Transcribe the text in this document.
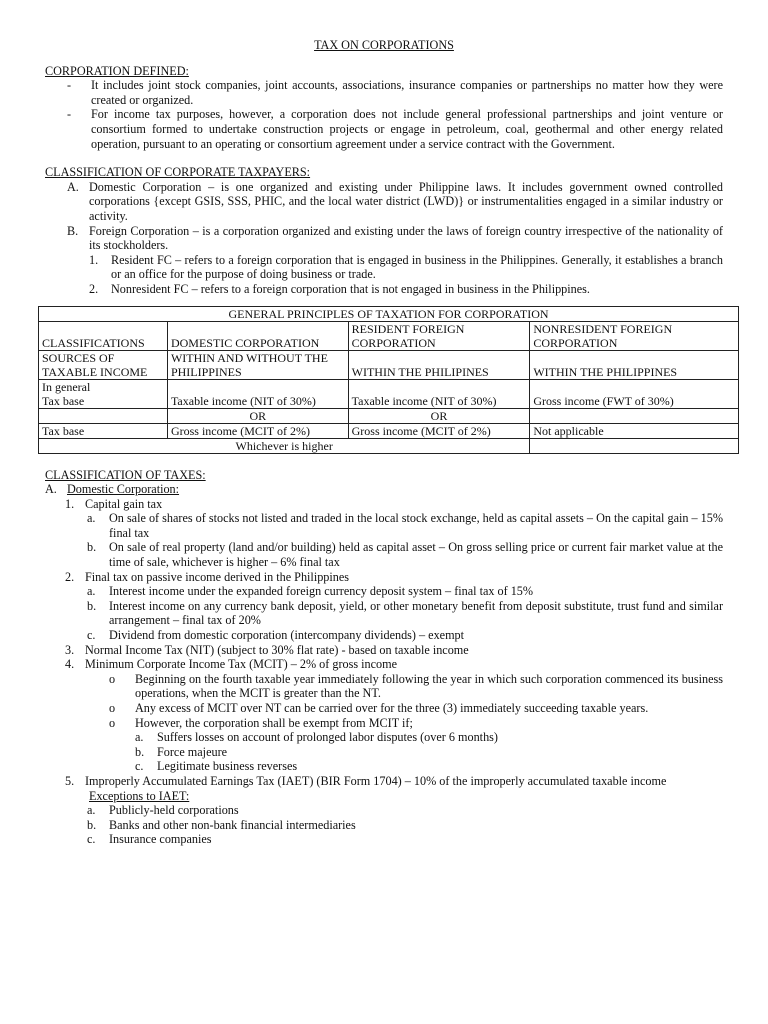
TAX ON CORPORATIONS
CORPORATION DEFINED:
-	It includes joint stock companies, joint accounts, associations, insurance companies or partnerships no matter how they were created or organized.
-	For income tax purposes, however, a corporation does not include general professional partnerships and joint venture or consortium formed to undertake construction projects or engage in petroleum, coal, geothermal and other energy related operation, pursuant to an operating or consortium agreement under a service contract with the Government.
CLASSIFICATION OF CORPORATE TAXPAYERS:
A. Domestic Corporation – is one organized and existing under Philippine laws. It includes government owned controlled corporations {except GSIS, SSS, PHIC, and the local water district (LWD)} or instrumentalities engaged in a similar industry or activity.
B. Foreign Corporation – is a corporation organized and existing under the laws of foreign country irrespective of the nationality of its stockholders.
1.	Resident FC – refers to a foreign corporation that is engaged in business in the Philippines. Generally, it establishes a branch or an office for the purpose of doing business or trade.
2.	Nonresident FC – refers to a foreign corporation that is not engaged in business in the Philippines.
GENERAL PRINCIPLES OF TAXATION FOR CORPORATION			
CLASSIFICATIONS	DOMESTIC CORPORATION	RESIDENT FOREIGN CORPORATION	NONRESIDENT FOREIGN CORPORATION
SOURCES OF TAXABLE INCOME	WITHIN AND WITHOUT THE PHILIPPINES	WITHIN THE PHILIPINES	WITHIN THE PHILIPPINES
In general
Tax base	Taxable income (NIT of 30%)	Taxable income (NIT of 30%)	Gross income (FWT of 30%)
	OR	OR	
Tax base	Gross income (MCIT of 2%)	Gross income (MCIT of 2%)	Not applicable
Whichever is higher			
CLASSIFICATION OF TAXES:
A. Domestic Corporation:
1. Capital gain tax
a.	On sale of shares of stocks not listed and traded in the local stock exchange, held as capital assets – On the capital gain – 15% final tax
b.	On sale of real property (land and/or building) held as capital asset – On gross selling price or current fair market value at the time of sale, whichever is higher – 6% final tax
2. Final tax on passive income derived in the Philippines
a.	Interest income under the expanded foreign currency deposit system – final tax of 15%
b.	Interest income on any currency bank deposit, yield, or other monetary benefit from deposit substitute, trust fund and similar arrangement – final tax of 20%
c.	Dividend from domestic corporation (intercompany dividends) – exempt
3. Normal Income Tax (NIT) (subject to 30% flat rate) - based on taxable income
4. Minimum Corporate Income Tax (MCIT) – 2% of gross income
o	Beginning on the fourth taxable year immediately following the year in which such corporation commenced its business operations, when the MCIT is greater than the NT.
o	Any excess of MCIT over NT can be carried over for the three (3) immediately succeeding taxable years.
o	However, the corporation shall be exempt from MCIT if;
a.	Suffers losses on account of prolonged labor disputes (over 6 months)
b.	Force majeure
c.	Legitimate business reverses
5. Improperly Accumulated Earnings Tax (IAET) (BIR Form 1704) – 10% of the improperly accumulated taxable income
Exceptions to IAET:
a.	Publicly-held corporations
b.	Banks and other non-bank financial intermediaries
c.	Insurance companies
